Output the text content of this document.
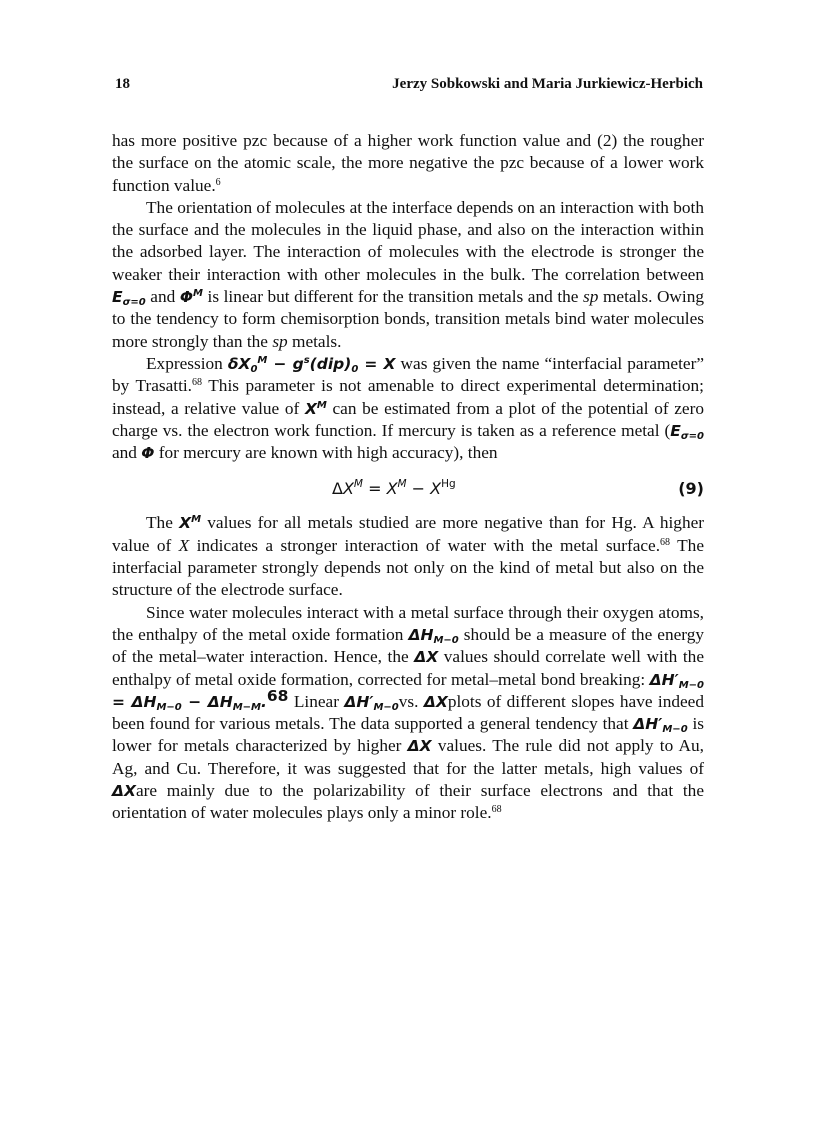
18	Jerzy Sobkowski and Maria Jurkiewicz-Herbich

has more positive pzc because of a higher work function value and (2) the rougher the surface on the atomic scale, the more negative the pzc because of a lower work function value.$^6$

The orientation of molecules at the interface depends on an interaction with both the surface and the molecules in the liquid phase, and also on the interaction within the adsorbed layer. The interaction of molecules with the electrode is stronger the weaker their interaction with other molecules in the bulk. The correlation between $E_{\sigma=0}$ and $\Phi^M$ is linear but different for the transition metals and the sp metals. Owing to the tendency to form chemisorption bonds, transition metals bind water molecules more strongly than the sp metals.

Expression $\delta X_0^M - g^s(dip)_0 = X$ was given the name “interfacial parameter” by Trasatti.$^{68}$ This parameter is not amenable to direct experimental determination; instead, a relative value of $X^M$ can be estimated from a plot of the potential of zero charge vs. the electron work function. If mercury is taken as a reference metal ($E_{\sigma=0}$ and Φ for mercury are known with high accuracy), then

$\Delta X^M = X^M - X^{Hg}$	(9)

The $X^M$ values for all metals studied are more negative than for Hg. A higher value of X indicates a stronger interaction of water with the metal surface.$^{68}$ The interfacial parameter strongly depends not only on the kind of metal but also on the structure of the electrode surface.

Since water molecules interact with a metal surface through their oxygen atoms, the enthalpy of the metal oxide formation $\Delta H_{M-0}$ should be a measure of the energy of the metal–water interaction. Hence, the ΔX values should correlate well with the enthalpy of metal oxide formation, corrected for metal–metal bond breaking: $\Delta H'_{M-0} = \Delta H_{M-0} - \Delta H_{M-M}.^{68}$ Linear $\Delta H'_{M-0}vs$. ΔXplots of different slopes have indeed been found for various metals. The data supported a general tendency that $\Delta H'_{M-0}$ is lower for metals characterized by higher ΔX values. The rule did not apply to Au, Ag, and Cu. Therefore, it was suggested that for the latter metals, high values of ΔXare mainly due to the polarizability of their surface electrons and that the orientation of water molecules plays only a minor role.$^{68}$
